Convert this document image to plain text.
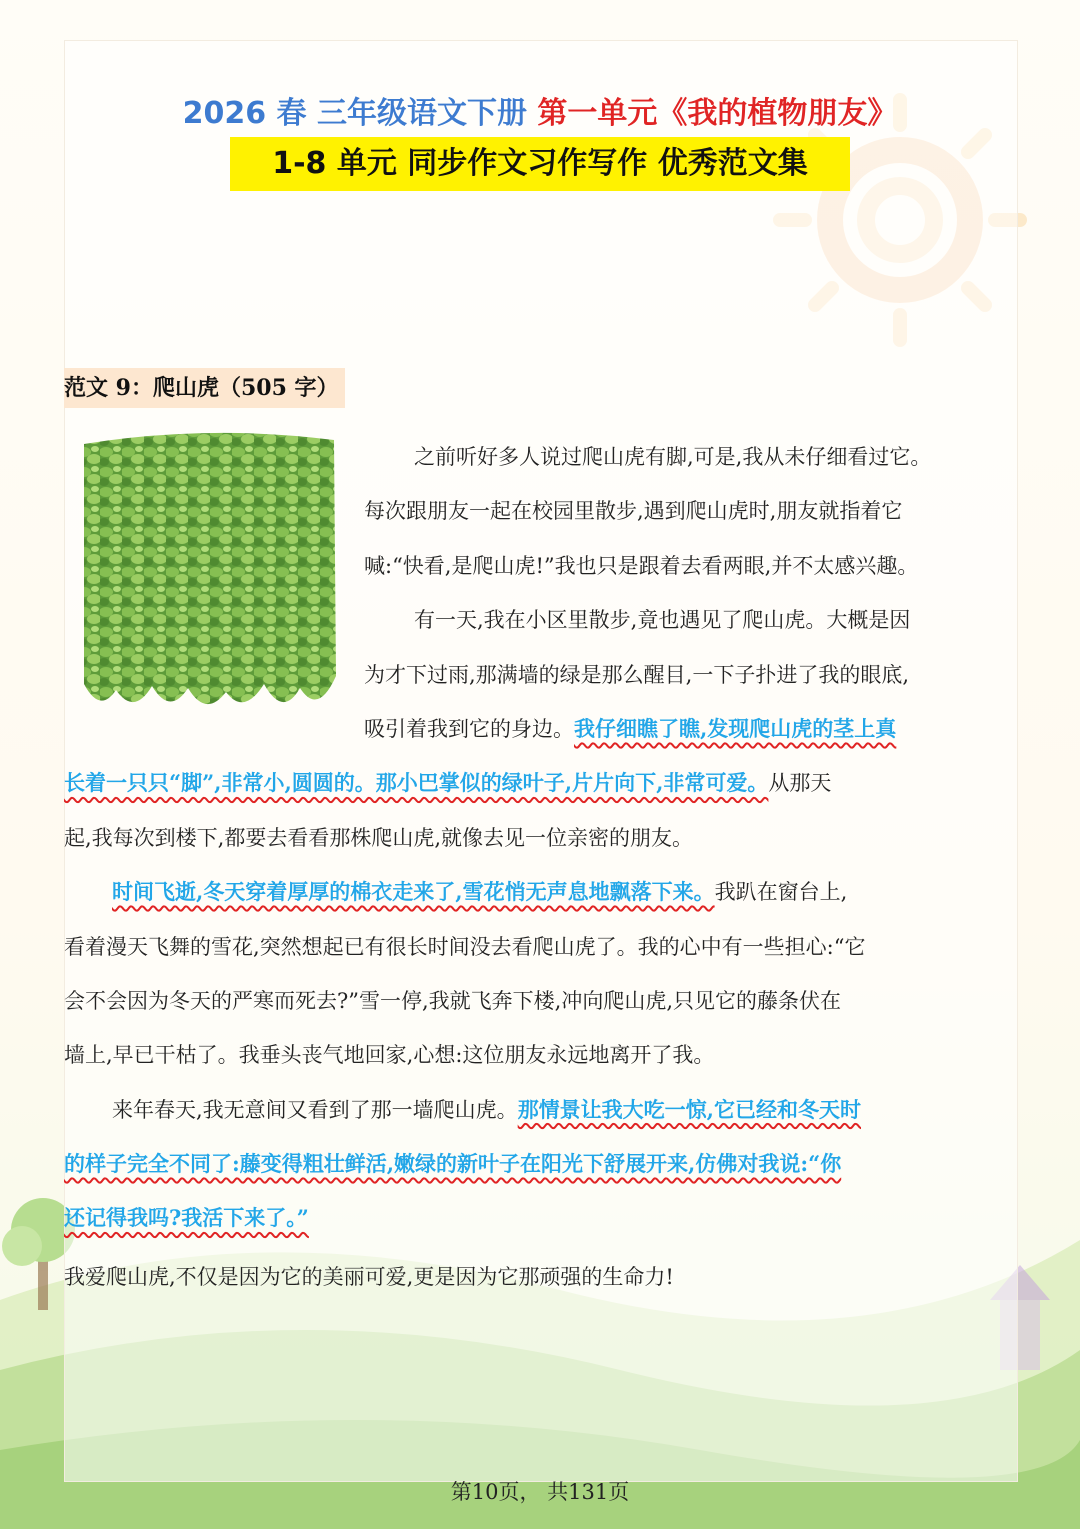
2026 春 三年级语文下册 第一单元《我的植物朋友》
1-8 单元 同步作文习作写作 优秀范文集
范文 9：爬山虎（505 字）
之前听好多人说过爬山虎有脚,可是,我从未仔细看过它。
每次跟朋友一起在校园里散步,遇到爬山虎时,朋友就指着它
喊:“快看,是爬山虎!”我也只是跟着去看两眼,并不太感兴趣。
有一天,我在小区里散步,竟也遇见了爬山虎。大概是因
为才下过雨,那满墙的绿是那么醒目,一下子扑进了我的眼底,
吸引着我到它的身边。我仔细瞧了瞧,发现爬山虎的茎上真
长着一只只“脚”,非常小,圆圆的。那小巴掌似的绿叶子,片片向下,非常可爱。从那天
起,我每次到楼下,都要去看看那株爬山虎,就像去见一位亲密的朋友。
时间飞逝,冬天穿着厚厚的棉衣走来了,雪花悄无声息地飘落下来。我趴在窗台上,
看着漫天飞舞的雪花,突然想起已有很长时间没去看爬山虎了。我的心中有一些担心:“它
会不会因为冬天的严寒而死去?”雪一停,我就飞奔下楼,冲向爬山虎,只见它的藤条伏在
墙上,早已干枯了。我垂头丧气地回家,心想:这位朋友永远地离开了我。
来年春天,我无意间又看到了那一墙爬山虎。那情景让我大吃一惊,它已经和冬天时
的样子完全不同了:藤变得粗壮鲜活,嫩绿的新叶子在阳光下舒展开来,仿佛对我说:“你
还记得我吗?我活下来了。”
我爱爬山虎,不仅是因为它的美丽可爱,更是因为它那顽强的生命力!
第10页， 共131页
